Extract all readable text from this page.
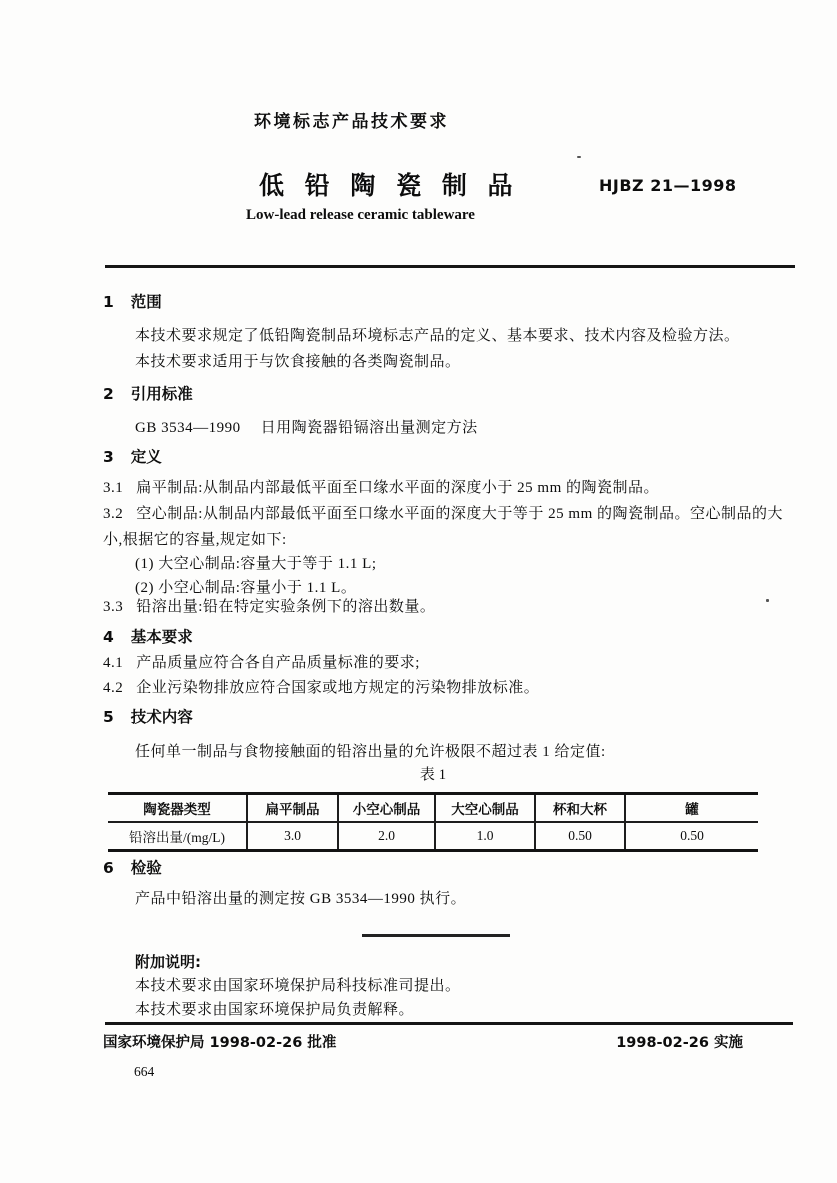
环境标志产品技术要求
低 铅 陶 瓷 制 品	HJBZ 21—1998
Low-lead release ceramic tableware
1 范围
本技术要求规定了低铅陶瓷制品环境标志产品的定义、基本要求、技术内容及检验方法。
本技术要求适用于与饮食接触的各类陶瓷制品。
2 引用标准
GB 3534—1990 日用陶瓷器铅镉溶出量测定方法
3 定义
3.1 扁平制品:从制品内部最低平面至口缘水平面的深度小于 25 mm 的陶瓷制品。
3.2 空心制品:从制品内部最低平面至口缘水平面的深度大于等于 25 mm 的陶瓷制品。空心制品的大小,根据它的容量,规定如下:
(1) 大空心制品:容量大于等于 1.1 L;
(2) 小空心制品:容量小于 1.1 L。
3.3 铅溶出量:铅在特定实验条例下的溶出数量。
4 基本要求
4.1 产品质量应符合各自产品质量标准的要求;
4.2 企业污染物排放应符合国家或地方规定的污染物排放标准。
5 技术内容
任何单一制品与食物接触面的铅溶出量的允许极限不超过表 1 给定值:
表 1
陶瓷器类型	扁平制品	小空心制品	大空心制品	杯和大杯	罐
铅溶出量/(mg/L)	3.0	2.0	1.0	0.50	0.50
6 检验
产品中铅溶出量的测定按 GB 3534—1990 执行。
附加说明:
本技术要求由国家环境保护局科技标准司提出。
本技术要求由国家环境保护局负责解释。
国家环境保护局 1998-02-26 批准	1998-02-26 实施
664
